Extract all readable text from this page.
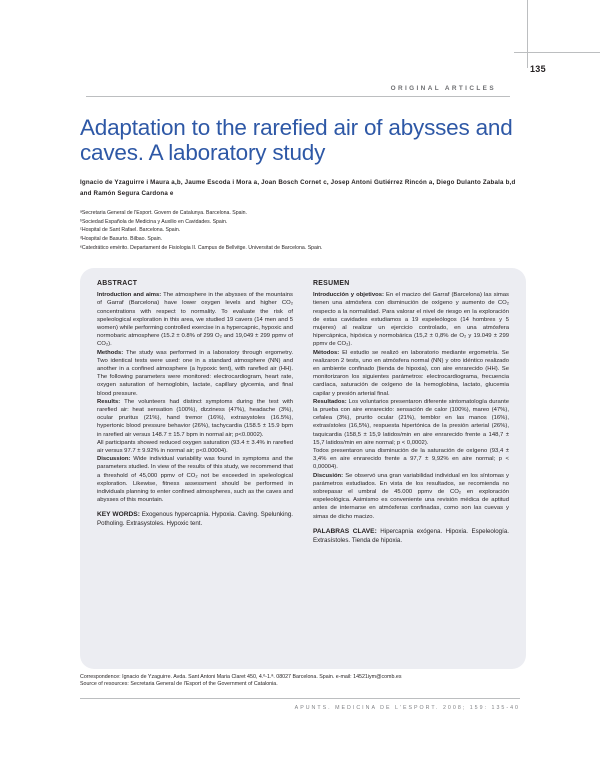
135
ORIGINAL ARTICLES
Adaptation to the rarefied air of abysses and caves. A laboratory study
Ignacio de Yzaguirre i Maura a,b, Jaume Escoda i Mora a, Joan Bosch Cornet c, Josep Antoni Gutiérrez Rincón a, Diego Dulanto Zabala b,d and Ramón Segura Cardona e
ᵃSecretaria General de l'Esport. Govern de Catalunya. Barcelona. Spain.
ᵇSociedad Española de Medicina y Auxilio en Cavidades. Spain.
ᶜHospital de Sant Rafael. Barcelona. Spain.
ᵈHospital de Basurto. Bilbao. Spain.
ᵉCatedrático emérito. Departament de Fisiologia II. Campus de Bellvitge. Universitat de Barcelona. Spain.
ABSTRACT

Introduction and aims: The atmosphere in the abysses of the mountains of Garraf (Barcelona) have lower oxygen levels and higher CO₂ concentrations with respect to normality. To evaluate the risk of speleological exploration in this area, we studied 19 cavers (14 men and 5 women) while performing controlled exercise in a hypercapnic, hypoxic and normobaric atmosphere (15.2 ± 0.8% of 299 O₂ and 19,049 ± 299 ppmv of CO₂).

Methods: The study was performed in a laboratory through ergometry. Two identical tests were used: one in a standard atmosphere (NN) and another in a confined atmosphere (a hypoxic tent), with rarefied air (HH). The following parameters were monitored: electrocardiogram, heart rate, oxygen saturation of hemoglobin, lactate, capillary glycemia, and final blood pressure.

Results: The volunteers had distinct symptoms during the test with rarefied air: heat sensation (100%), dizziness (47%), headache (3%), ocular pruritus (21%), hand tremor (16%), extrasystoles (16.5%), hypertonic blood pressure behavior (26%), tachycardia (158.5 ± 15.9 bpm in rarefied air versus 148.7 ± 15.7 bpm in normal air; p<0.0002).

All participants showed reduced oxygen saturation (93.4 ± 3.4% in rarefied air versus 97.7 ± 9.92% in normal air; p<0.00004).

Discussion: Wide individual variability was found in symptoms and the parameters studied. In view of the results of this study, we recommend that a threshold of 45,000 ppmv of CO₂ not be exceeded in speleological exploration. Likewise, fitness assessment should be performed in individuals planning to enter confined atmospheres, such as the caves and abysses of this mountain.

KEY WORDS: Exogenous hypercapnia. Hypoxia. Caving. Spelunking. Potholing. Extrasystoles. Hypoxic tent.

RESUMEN

Introducción y objetivos: En el macizo del Garraf (Barcelona) las simas tienen una atmósfera con disminución de oxígeno y aumento de CO₂ respecto a la normalidad. Para valorar el nivel de riesgo en la exploración de estas cavidades estudiamos a 19 espeleólogos (14 hombres y 5 mujeres) al realizar un ejercicio controlado, en una atmósfera hipercápnica, hipóxica y normobárica (15,2 ± 0,8% de O₂ y 19.049 ± 299 ppmv de CO₂).

Métodos: El estudio se realizó en laboratorio mediante ergometría. Se realizaron 2 tests, uno en atmósfera normal (NN) y otro idéntico realizado en ambiente confinado (tienda de hipoxia), con aire enrarecido (HH). Se monitorizaron los siguientes parámetros: electrocardiograma, frecuencia cardíaca, saturación de oxígeno de la hemoglobina, lactato, glucemia capilar y presión arterial final.

Resultados: Los voluntarios presentaron diferente sintomatología durante la prueba con aire enrarecido: sensación de calor (100%), mareo (47%), cefalea (3%), prurito ocular (21%), temblor en las manos (16%), extrasístoles (16,5%), respuesta hipertónica de la presión arterial (26%), taquicardia (158,5 ± 15,9 latidos/min en aire enrarecido frente a 148,7 ± 15,7 latidos/min en aire normal; p < 0,0002).

Todos presentaron una disminución de la saturación de oxígeno (93,4 ± 3,4% en aire enrarecido frente a 97,7 ± 9,92% en aire normal; p < 0,00004).

Discusión: Se observó una gran variabilidad individual en los síntomas y parámetros estudiados. En vista de los resultados, se recomienda no sobrepasar el umbral de 45.000 ppmv de CO₂ en exploración espeleológica. Asimismo es conveniente una revisión médica de aptitud antes de internarse en atmósferas confinadas, como son las cuevas y simas de dicho macizo.

PALABRAS CLAVE: Hipercapnia exógena. Hipoxia. Espeleología. Extrasístoles. Tienda de hipoxia.

Correspondence: Ignacio de Yzaguirre. Avda. Sant Antoni Maria Claret 450, 4.º-1.ª. 08027 Barcelona. Spain. e-mail: 14521iym@comb.es
Source of resources: Secretaria General de l'Esport of the Government of Catalonia.
APUNTS. MEDICINA DE L'ESPORT. 2008; 159: 135-40
